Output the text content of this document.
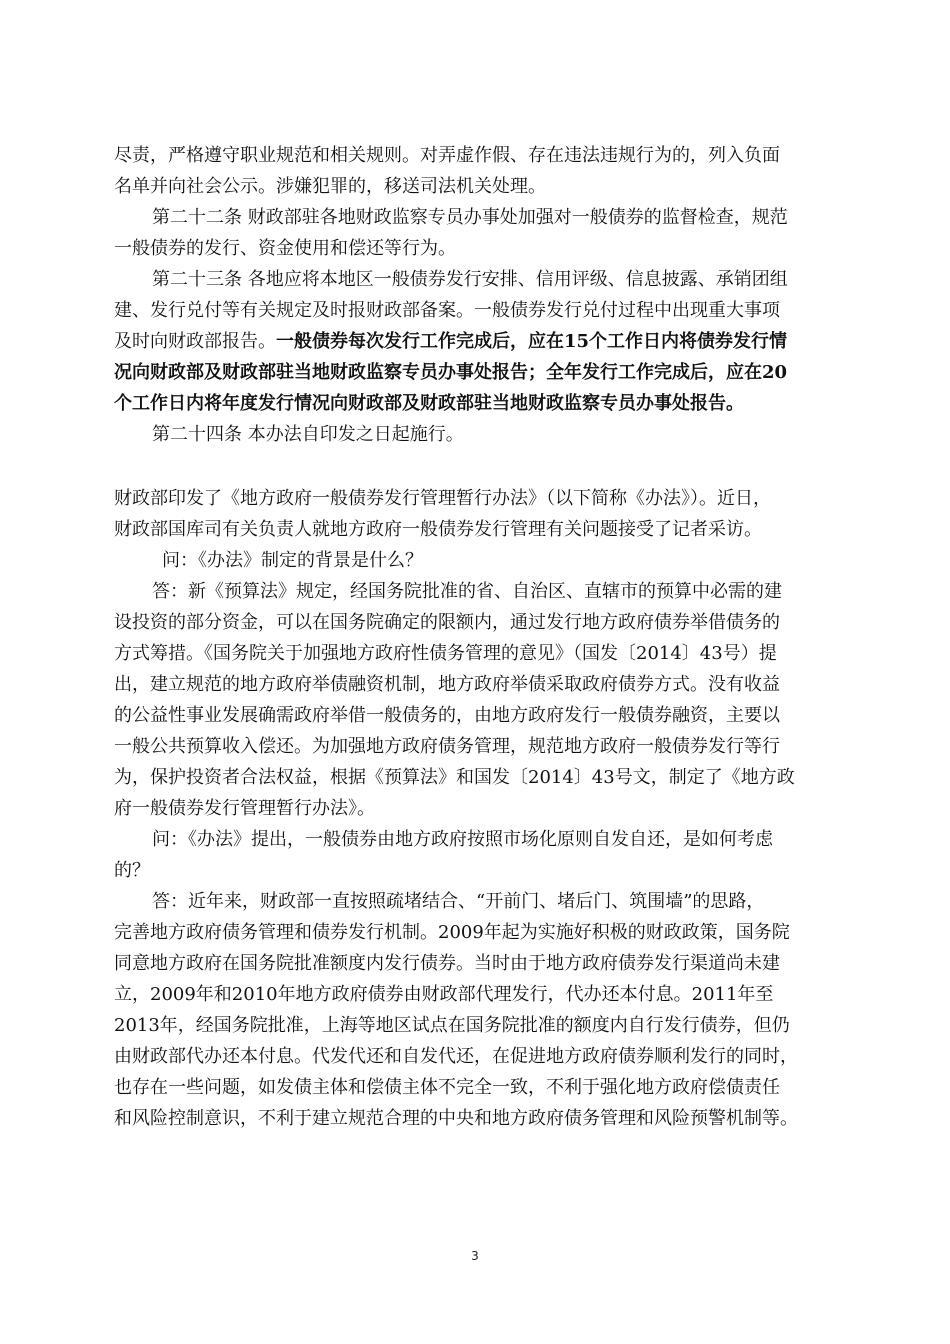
尽责，严格遵守职业规范和相关规则。对弄虚作假、存在违法违规行为的，列入负面
名单并向社会公示。涉嫌犯罪的，移送司法机关处理。
第二十二条 财政部驻各地财政监察专员办事处加强对一般债券的监督检查，规范
一般债券的发行、资金使用和偿还等行为。
第二十三条 各地应将本地区一般债券发行安排、信用评级、信息披露、承销团组
建、发行兑付等有关规定及时报财政部备案。一般债券发行兑付过程中出现重大事项
及时向财政部报告。一般债券每次发行工作完成后，应在15个工作日内将债券发行情
况向财政部及财政部驻当地财政监察专员办事处报告；全年发行工作完成后，应在20
个工作日内将年度发行情况向财政部及财政部驻当地财政监察专员办事处报告。
第二十四条 本办法自印发之日起施行。
财政部印发了《地方政府一般债券发行管理暂行办法》（以下简称《办法》）。近日，
财政部国库司有关负责人就地方政府一般债券发行管理有关问题接受了记者采访。
问：《办法》制定的背景是什么？
答：新《预算法》规定，经国务院批准的省、自治区、直辖市的预算中必需的建
设投资的部分资金，可以在国务院确定的限额内，通过发行地方政府债券举借债务的
方式筹措。《国务院关于加强地方政府性债务管理的意见》（国发〔2014〕43号）提
出，建立规范的地方政府举债融资机制，地方政府举债采取政府债券方式。没有收益
的公益性事业发展确需政府举借一般债务的，由地方政府发行一般债券融资，主要以
一般公共预算收入偿还。为加强地方政府债务管理，规范地方政府一般债券发行等行
为，保护投资者合法权益，根据《预算法》和国发〔2014〕43号文，制定了《地方政
府一般债券发行管理暂行办法》。
问：《办法》提出，一般债券由地方政府按照市场化原则自发自还，是如何考虑
的？
答：近年来，财政部一直按照疏堵结合、“开前门、堵后门、筑围墙”的思路，
完善地方政府债务管理和债券发行机制。2009年起为实施好积极的财政政策，国务院
同意地方政府在国务院批准额度内发行债券。当时由于地方政府债券发行渠道尚未建
立，2009年和2010年地方政府债券由财政部代理发行，代办还本付息。2011年至
2013年，经国务院批准，上海等地区试点在国务院批准的额度内自行发行债券，但仍
由财政部代办还本付息。代发代还和自发代还，在促进地方政府债券顺利发行的同时，
也存在一些问题，如发债主体和偿债主体不完全一致，不利于强化地方政府偿债责任
和风险控制意识，不利于建立规范合理的中央和地方政府债务管理和风险预警机制等。
3
